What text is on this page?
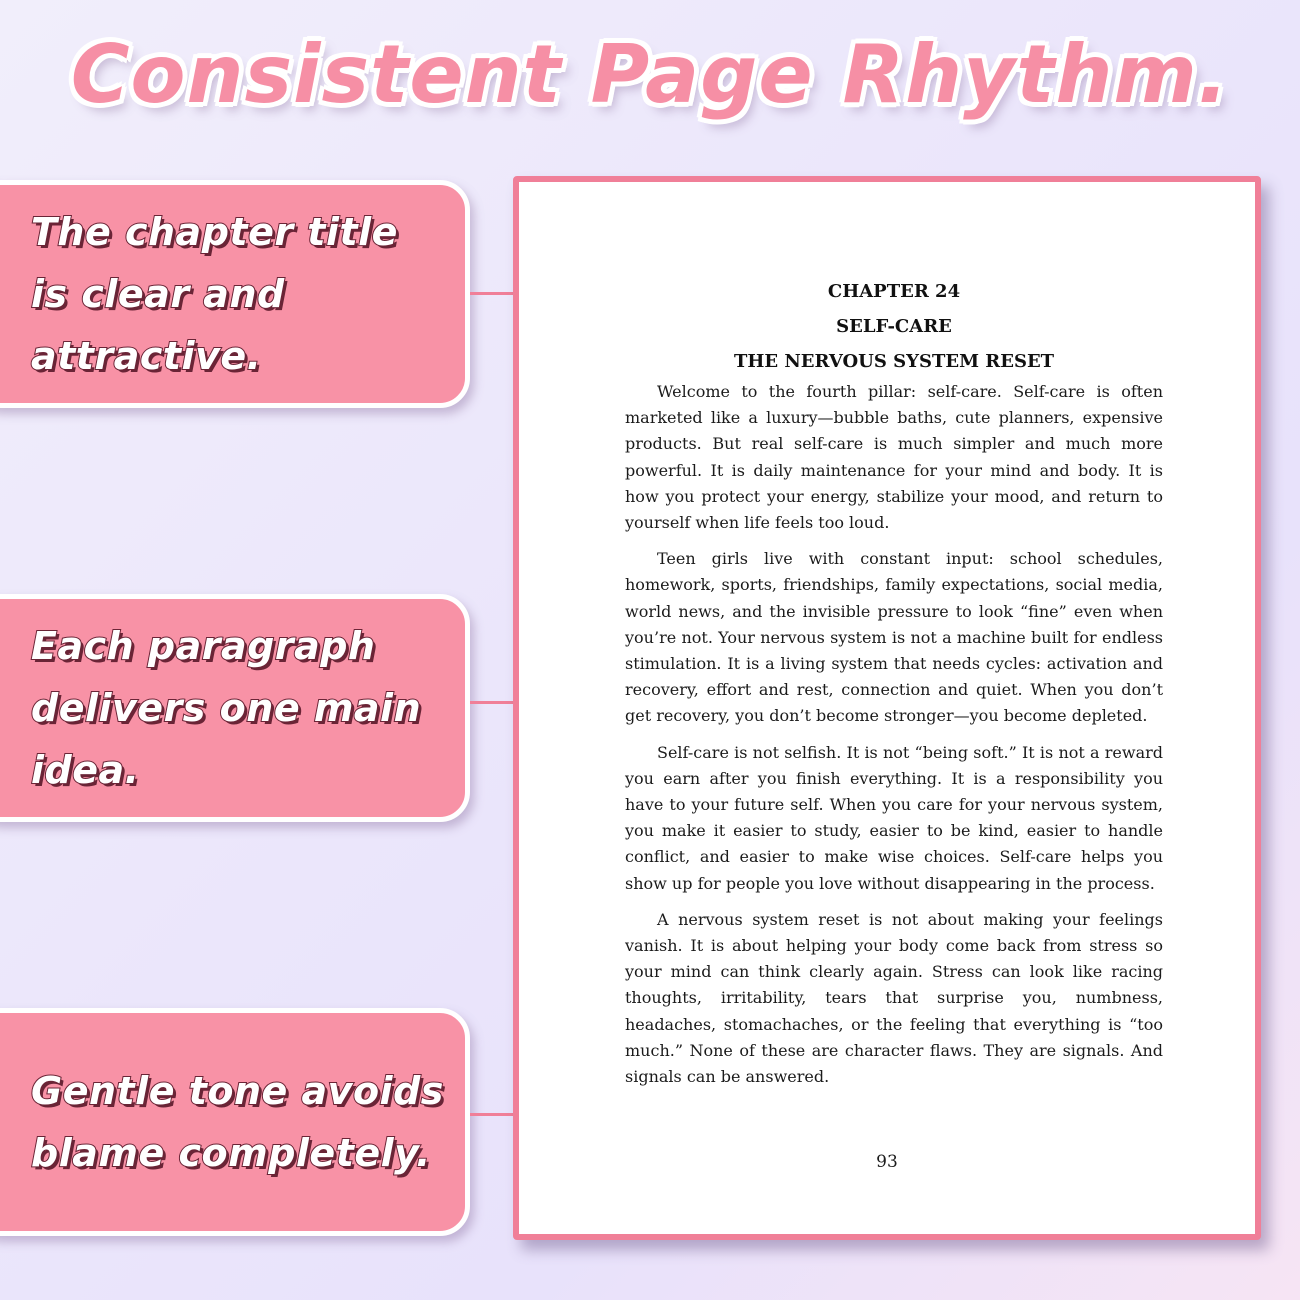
Consistent Page Rhythm.
The chapter title is clear and attractive.
Each paragraph delivers one main idea.
Gentle tone avoids blame completely.

CHAPTER 24

SELF-CARE

THE NERVOUS SYSTEM RESET

Welcome to the fourth pillar: self-care. Self-care is often marketed like a luxury—bubble baths, cute planners, expensive products. But real self-care is much simpler and much more powerful. It is daily maintenance for your mind and body. It is how you protect your energy, stabilize your mood, and return to yourself when life feels too loud.

Teen girls live with constant input: school schedules, homework, sports, friendships, family expectations, social media, world news, and the invisible pressure to look “fine” even when you’re not. Your nervous system is not a machine built for endless stimulation. It is a living system that needs cycles: activation and recovery, effort and rest, connection and quiet. When you don’t get recovery, you don’t become stronger—you become depleted.

Self-care is not selfish. It is not “being soft.” It is not a reward you earn after you finish everything. It is a responsibility you have to your future self. When you care for your nervous system, you make it easier to study, easier to be kind, easier to handle conflict, and easier to make wise choices. Self-care helps you show up for people you love without disappearing in the process.

A nervous system reset is not about making your feelings vanish. It is about helping your body come back from stress so your mind can think clearly again. Stress can look like racing thoughts, irritability, tears that surprise you, numbness, headaches, stomachaches, or the feeling that everything is “too much.” None of these are character flaws. They are signals. And signals can be answered.

93
